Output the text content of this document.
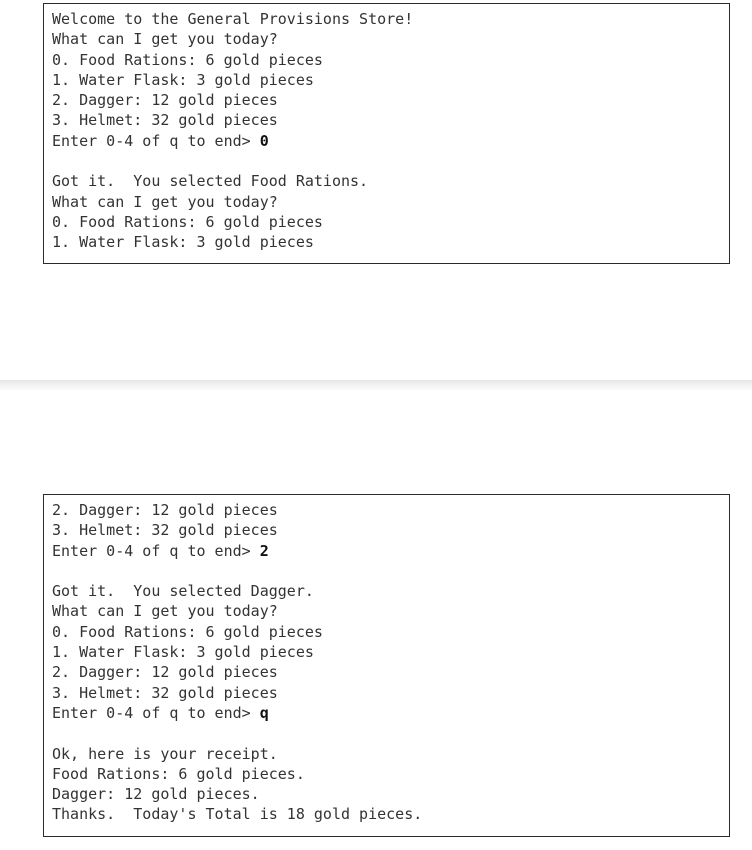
Welcome to the General Provisions Store!
What can I get you today?
0. Food Rations: 6 gold pieces
1. Water Flask: 3 gold pieces
2. Dagger: 12 gold pieces
3. Helmet: 32 gold pieces
Enter 0-4 of q to end> 0
Got it.  You selected Food Rations.
What can I get you today?
0. Food Rations: 6 gold pieces
1. Water Flask: 3 gold pieces
2. Dagger: 12 gold pieces
3. Helmet: 32 gold pieces
Enter 0-4 of q to end> 2
Got it.  You selected Dagger.
What can I get you today?
0. Food Rations: 6 gold pieces
1. Water Flask: 3 gold pieces
2. Dagger: 12 gold pieces
3. Helmet: 32 gold pieces
Enter 0-4 of q to end> q
Ok, here is your receipt.
Food Rations: 6 gold pieces.
Dagger: 12 gold pieces.
Thanks.  Today's Total is 18 gold pieces.
